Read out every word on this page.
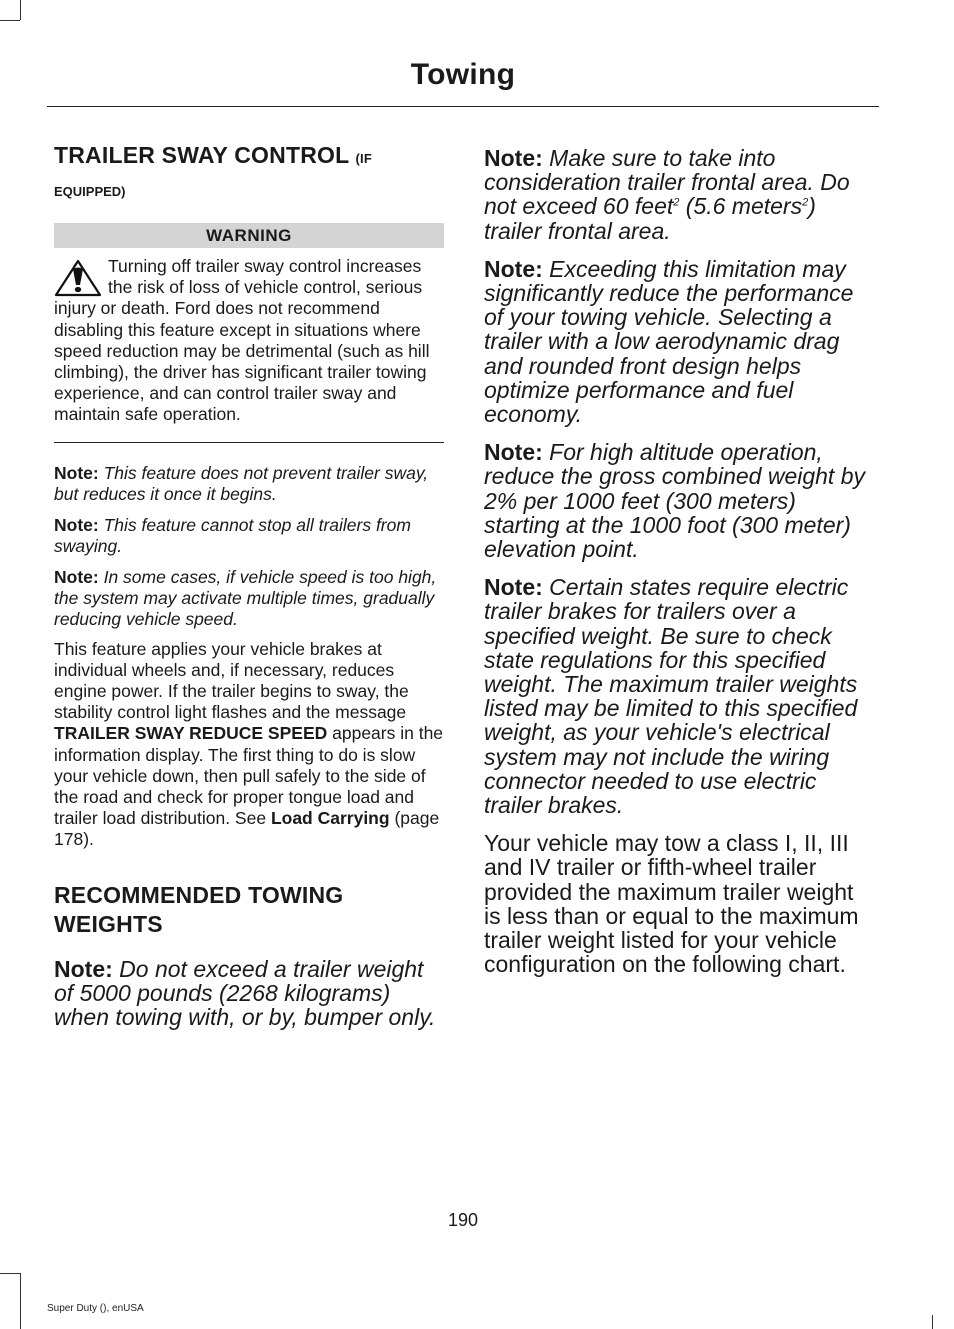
Towing
TRAILER SWAY CONTROL (IF
EQUIPPED)
WARNING
Turning off trailer sway control increases the risk of loss of vehicle control, serious injury or death. Ford does not recommend disabling this feature except in situations where speed reduction may be detrimental (such as hill climbing), the driver has significant trailer towing experience, and can control trailer sway and maintain safe operation.

Note: This feature does not prevent trailer sway, but reduces it once it begins.

Note: This feature cannot stop all trailers from swaying.

Note: In some cases, if vehicle speed is too high, the system may activate multiple times, gradually reducing vehicle speed.

This feature applies your vehicle brakes at individual wheels and, if necessary, reduces engine power. If the trailer begins to sway, the stability control light flashes and the message TRAILER SWAY REDUCE SPEED appears in the information display. The first thing to do is slow your vehicle down, then pull safely to the side of the road and check for proper tongue load and trailer load distribution. See Load Carrying (page 178).

RECOMMENDED TOWING WEIGHTS

Note: Do not exceed a trailer weight of 5000 pounds (2268 kilograms) when towing with, or by, bumper only.

Note: Make sure to take into consideration trailer frontal area. Do not exceed 60 feet$^2$ (5.6 meters$^2$) trailer frontal area.

Note: Exceeding this limitation may significantly reduce the performance of your towing vehicle. Selecting a trailer with a low aerodynamic drag and rounded front design helps optimize performance and fuel economy.

Note: For high altitude operation, reduce the gross combined weight by 2% per 1000 feet (300 meters) starting at the 1000 foot (300 meter) elevation point.

Note: Certain states require electric trailer brakes for trailers over a specified weight. Be sure to check state regulations for this specified weight. The maximum trailer weights listed may be limited to this specified weight, as your vehicle's electrical system may not include the wiring connector needed to use electric trailer brakes.

Your vehicle may tow a class I, II, III and IV trailer or fifth-wheel trailer provided the maximum trailer weight is less than or equal to the maximum trailer weight listed for your vehicle configuration on the following chart.

190
Super Duty (), enUSA
